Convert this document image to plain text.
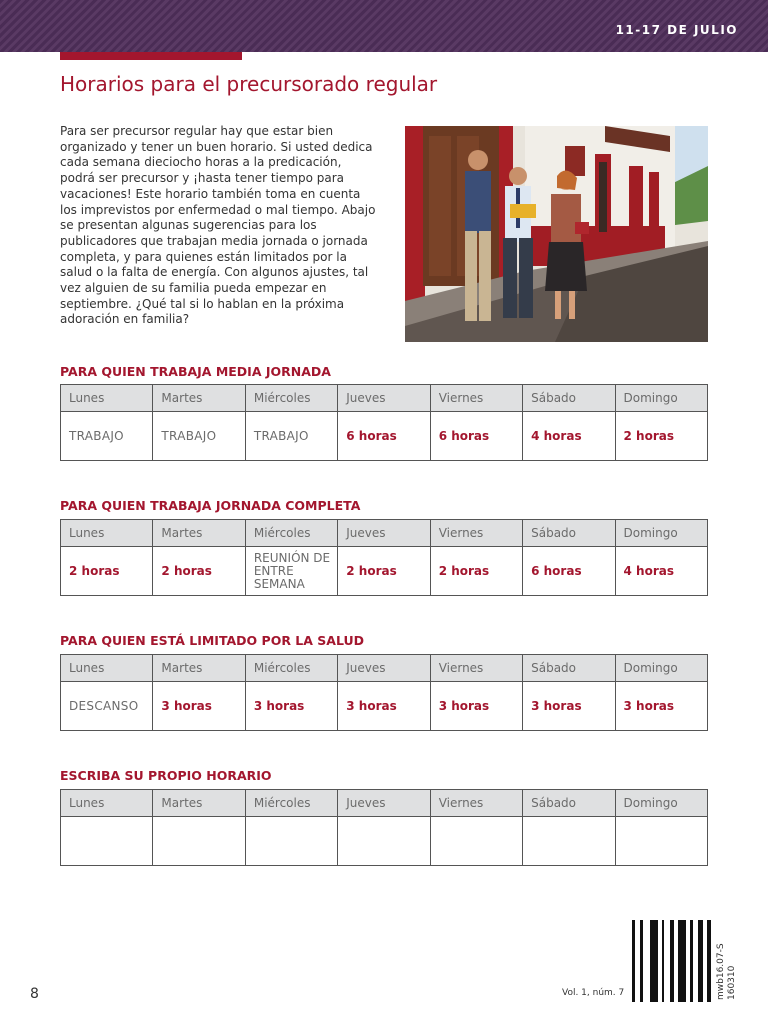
11-17 DE JULIO
Horarios para el precursorado regular

Para ser precursor regular hay que estar bien organizado y tener un buen horario. Si usted dedica cada semana dieciocho horas a la predicación, podrá ser precursor y ¡hasta tener tiempo para vacaciones! Este horario también toma en cuenta los imprevistos por enfermedad o mal tiempo. Abajo se presentan algunas sugerencias para los publicadores que trabajan media jornada o jornada completa, y para quienes están limitados por la salud o la falta de energía. Con algunos ajustes, tal vez alguien de su familia pueda empezar en septiembre. ¿Qué tal si lo hablan en la próxima adoración en familia?

PARA QUIEN TRABAJA MEDIA JORNADA
Lunes	Martes	Miércoles	Jueves	Viernes	Sábado	Domingo
TRABAJO	TRABAJO	TRABAJO	6 horas	6 horas	4 horas	2 horas
PARA QUIEN TRABAJA JORNADA COMPLETA
Lunes	Martes	Miércoles	Jueves	Viernes	Sábado	Domingo
2 horas	2 horas	REUNIÓN DE ENTRE SEMANA	2 horas	2 horas	6 horas	4 horas
PARA QUIEN ESTÁ LIMITADO POR LA SALUD
Lunes	Martes	Miércoles	Jueves	Viernes	Sábado	Domingo
DESCANSO	3 horas	3 horas	3 horas	3 horas	3 horas	3 horas
ESCRIBA SU PROPIO HORARIO
Lunes	Martes	Miércoles	Jueves	Viernes	Sábado	Domingo

8	Vol. 1, núm. 7	mwb16.07-S 160310
